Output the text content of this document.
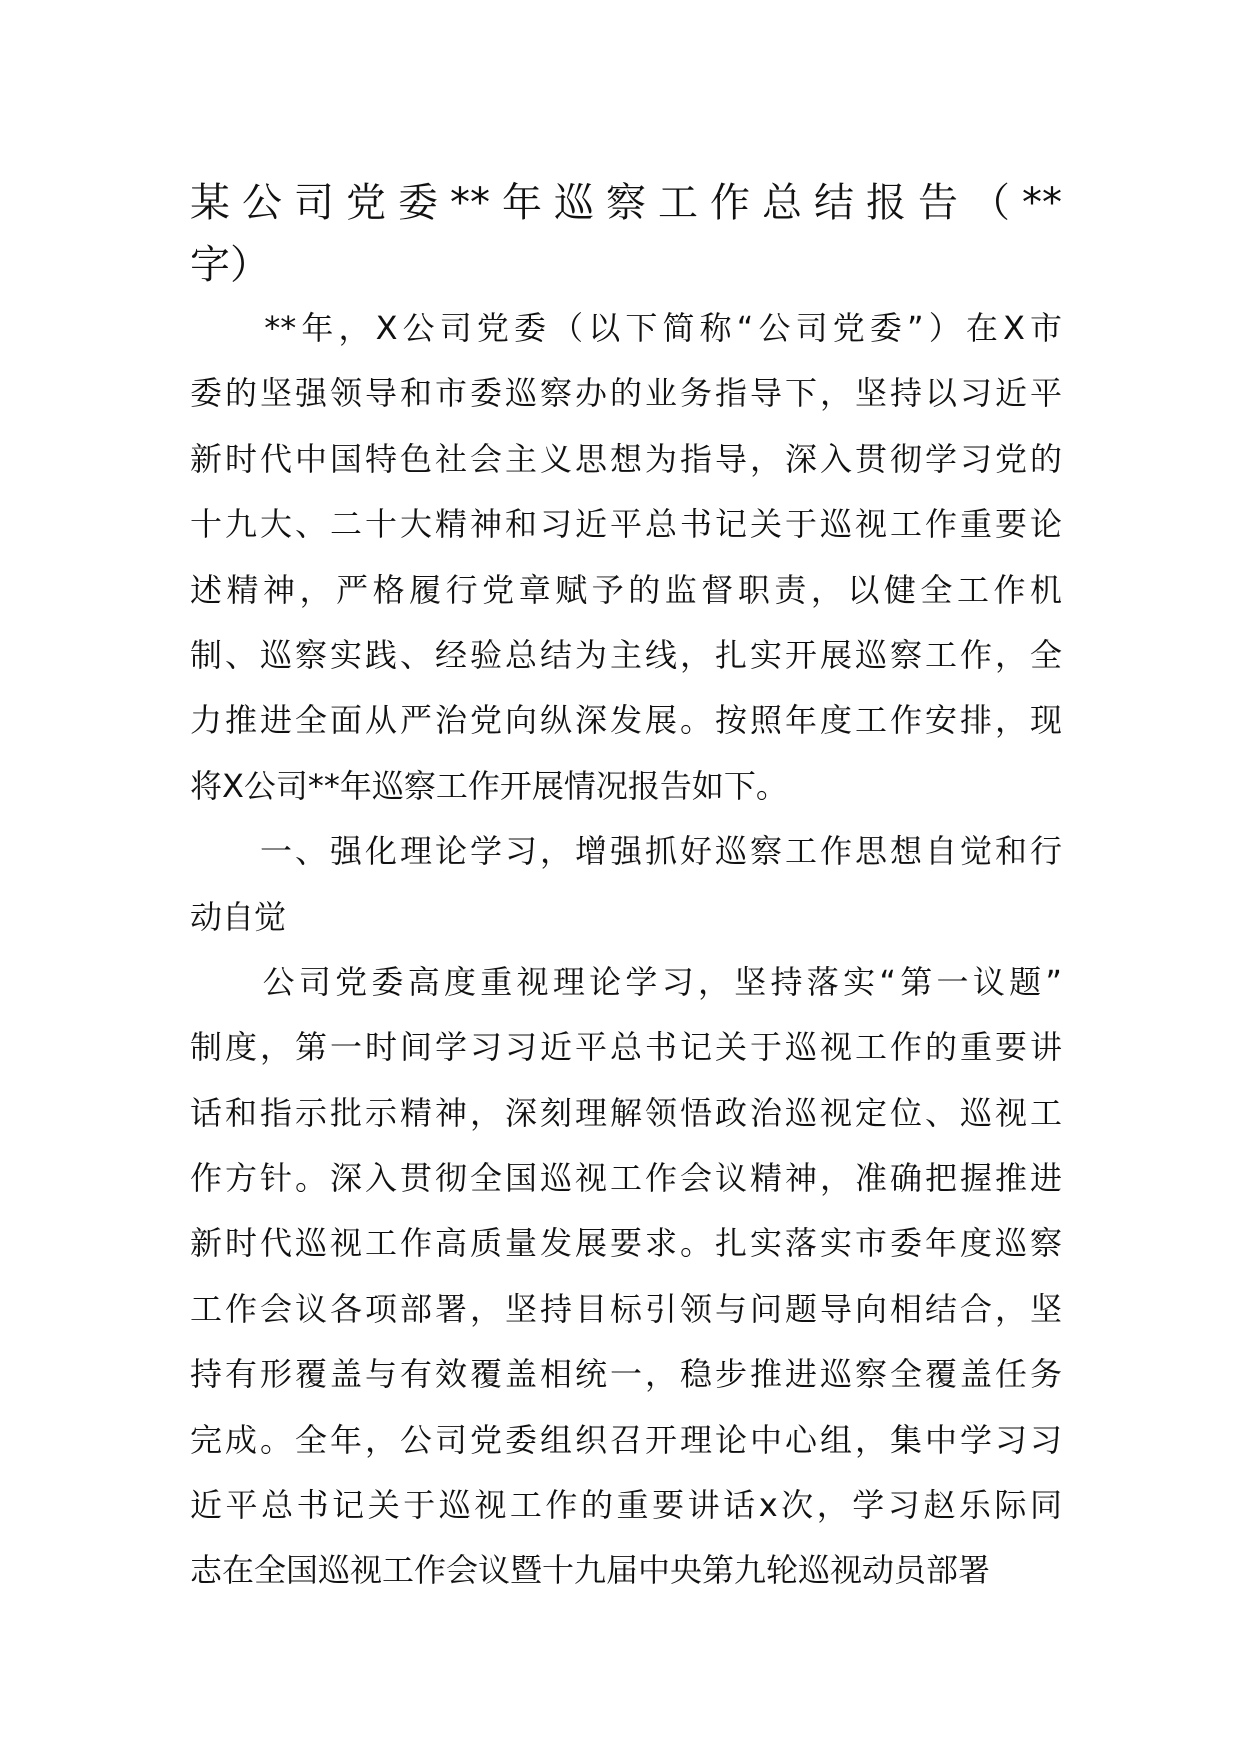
某公司党委**年巡察工作总结报告（**
字）
　　**年，X公司党委（以下简称“公司党委”）在X市
委的坚强领导和市委巡察办的业务指导下，坚持以习近平
新时代中国特色社会主义思想为指导，深入贯彻学习党的
十九大、二十大精神和习近平总书记关于巡视工作重要论
述精神，严格履行党章赋予的监督职责，以健全工作机
制、巡察实践、经验总结为主线，扎实开展巡察工作，全
力推进全面从严治党向纵深发展。按照年度工作安排，现
将X公司**年巡察工作开展情况报告如下。
　　一、强化理论学习，增强抓好巡察工作思想自觉和行
动自觉
　　公司党委高度重视理论学习，坚持落实“第一议题”
制度，第一时间学习习近平总书记关于巡视工作的重要讲
话和指示批示精神，深刻理解领悟政治巡视定位、巡视工
作方针。深入贯彻全国巡视工作会议精神，准确把握推进
新时代巡视工作高质量发展要求。扎实落实市委年度巡察
工作会议各项部署，坚持目标引领与问题导向相结合，坚
持有形覆盖与有效覆盖相统一，稳步推进巡察全覆盖任务
完成。全年，公司党委组织召开理论中心组，集中学习习
近平总书记关于巡视工作的重要讲话x次，学习赵乐际同
志在全国巡视工作会议暨十九届中央第九轮巡视动员部署
